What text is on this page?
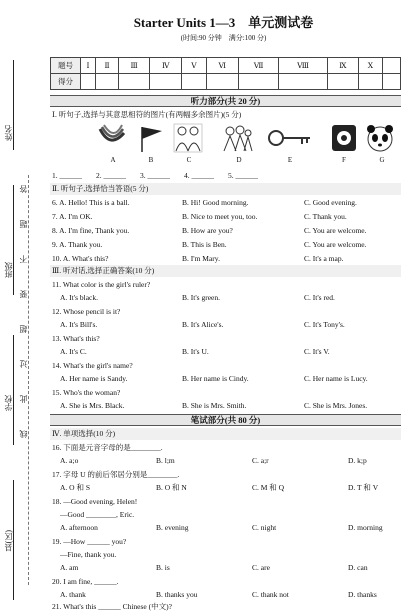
姓名
班级
学校
县(区)
答
题
不
要
超
过
此
线
Starter Units 1—3　单元测试卷
(时间:90 分钟　满分:100 分)
题号	Ⅰ	Ⅱ	Ⅲ	Ⅳ	Ⅴ	Ⅵ	Ⅶ	Ⅷ	Ⅸ	Ⅹ	
得分											
听力部分(共 20 分)
Ⅰ. 听句子,选择与其意思相符的图片(有两幅多余图片)(5 分)
A	B	C	D	E	F	G
1. ______ 2. ______ 3. ______ 4. ______ 5. ______
Ⅱ. 听句子,选择恰当答语(5 分)
6. A. Hello! This is a ball.	B. Hi! Good morning.	C. Good evening.
7. A. I'm OK.	B. Nice to meet you, too.	C. Thank you.
8. A. I'm fine, Thank you.	B. How are you?	C. You are welcome.
9. A. Thank you.	B. This is Ben.	C. You are welcome.
10. A. What's this?	B. I'm Mary.	C. It's a map.
Ⅲ. 听对话,选择正确答案(10 分)
11. What color is the girl's ruler?
A. It's black.	B. It's green.	C. It's red.
12. Whose pencil is it?
A. It's Bill's.	B. It's Alice's.	C. It's Tony's.
13. What's this?
A. It's C.	B. It's U.	C. It's V.
14. What's the girl's name?
A. Her name is Sandy.	B. Her name is Cindy.	C. Her name is Lucy.
15. Who's the woman?
A. She is Mrs. Black.	B. She is Mrs. Smith.	C. She is Mrs. Jones.
笔试部分(共 80 分)
Ⅳ. 单项选择(10 分)
16. 下面是元音字母的是________.
A. a;o	B. l;m	C. a;r	D. k;p
17. 字母 U 的前后邻居分别是________.
A. O 和 S	B. O 和 N	C. M 和 Q	D. T 和 V
18. —Good evening, Helen!
—Good ________, Eric.
A. afternoon	B. evening	C. night	D. morning
19. —How ______ you?
—Fine, thank you.
A. am	B. is	C. are	D. can
20. I am fine, ______.
A. thank	B. thanks you	C. thank not	D. thanks
21. What's this ______ Chinese (中文)?
